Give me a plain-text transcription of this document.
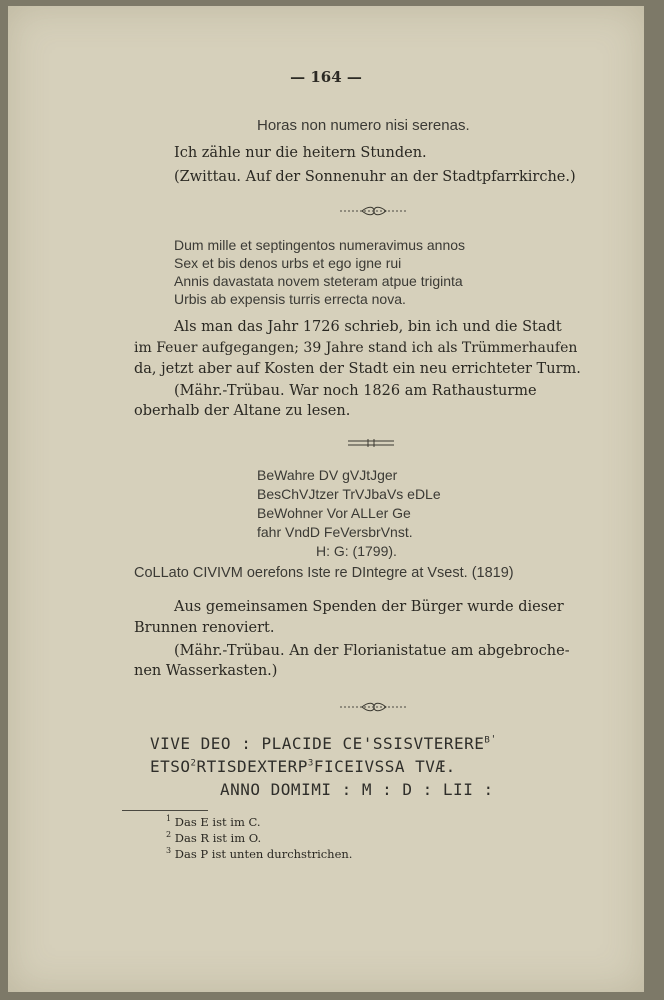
— 164 —
Horas non numero nisi serenas.
Ich zähle nur die heitern Stunden.
(Zwittau. Auf der Sonnenuhr an der Stadtpfarrkirche.)
Dum mille et septingentos numeravimus annos
Sex et bis denos urbs et ego igne rui
Annis davastata novem steteram atpue triginta
Urbis ab expensis turris errecta nova.
Als man das Jahr 1726 schrieb, bin ich und die Stadt
im Feuer aufgegangen; 39 Jahre stand ich als Trümmerhaufen
da, jetzt aber auf Kosten der Stadt ein neu errichteter Turm.
(Mähr.-Trübau. War noch 1826 am Rathausturme
oberhalb der Altane zu lesen.
BeWahre DV gVJtJger
BesChVJtzer TrVJbaVs eDLe
BeWohner Vor ALLer Ge
fahr VndD FeVersbrVnst.
H: G: (1799).
CoLLato CIVIVM oerefons Iste re DIntegre at Vsest. (1819)
Aus gemeinsamen Spenden der Bürger wurde dieser
Brunnen renoviert.
(Mähr.-Trübau. An der Florianistatue am abgebroche-
nen Wasserkasten.)
VIVE DEO : PLACIDE $CE'SSISVTERERE^{B'}$
ETSO$^2$RTISDEXTERP$^3$FICEIVSSA TVÆ.
ANNO DOMIMI : M : D : LII :
$^1$ Das E ist im C.
$^2$ Das R ist im O.
$^3$ Das P ist unten durchstrichen.
